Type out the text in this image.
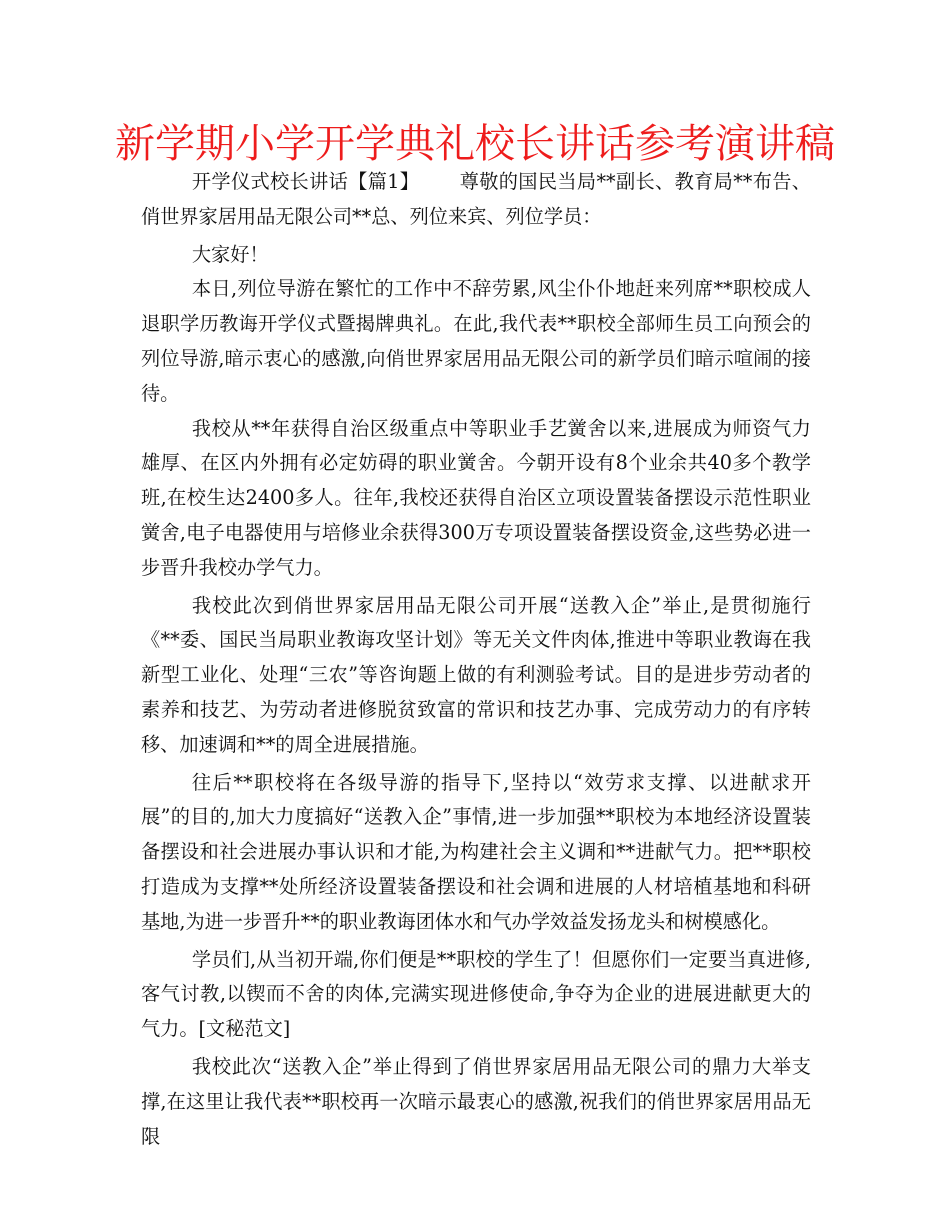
新学期小学开学典礼校长讲话参考演讲稿

开学仪式校长讲话【篇1】 尊敬的国民当局**副长、教育局**布告、俏世界家居用品无限公司**总、列位来宾、列位学员：

大家好！

本日,列位导游在繁忙的工作中不辞劳累,风尘仆仆地赶来列席**职校成人退职学历教诲开学仪式暨揭牌典礼。在此,我代表**职校全部师生员工向预会的列位导游,暗示衷心的感激,向俏世界家居用品无限公司的新学员们暗示喧闹的接待。

我校从**年获得自治区级重点中等职业手艺黉舍以来,进展成为师资气力雄厚、在区内外拥有必定妨碍的职业黉舍。今朝开设有8个业余共40多个教学班,在校生达2400多人。往年,我校还获得自治区立项设置装备摆设示范性职业黉舍,电子电器使用与培修业余获得300万专项设置装备摆设资金,这些势必进一步晋升我校办学气力。

我校此次到俏世界家居用品无限公司开展“送教入企”举止,是贯彻施行《**委、国民当局职业教诲攻坚计划》等无关文件肉体,推进中等职业教诲在我新型工业化、处理“三农”等咨询题上做的有利测验考试。目的是进步劳动者的素养和技艺、为劳动者进修脱贫致富的常识和技艺办事、完成劳动力的有序转移、加速调和**的周全进展措施。

往后**职校将在各级导游的指导下,坚持以“效劳求支撑、以进献求开展”的目的,加大力度搞好“送教入企”事情,进一步加强**职校为本地经济设置装备摆设和社会进展办事认识和才能,为构建社会主义调和**进献气力。把**职校打造成为支撑**处所经济设置装备摆设和社会调和进展的人材培植基地和科研基地,为进一步晋升**的职业教诲团体水和气办学效益发扬龙头和树模感化。

学员们,从当初开端,你们便是**职校的学生了！但愿你们一定要当真进修,客气讨教,以锲而不舍的肉体,完满实现进修使命,争夺为企业的进展进献更大的气力。[文秘范文]

我校此次“送教入企”举止得到了俏世界家居用品无限公司的鼎力大举支撑,在这里让我代表**职校再一次暗示最衷心的感激,祝我们的俏世界家居用品无限
